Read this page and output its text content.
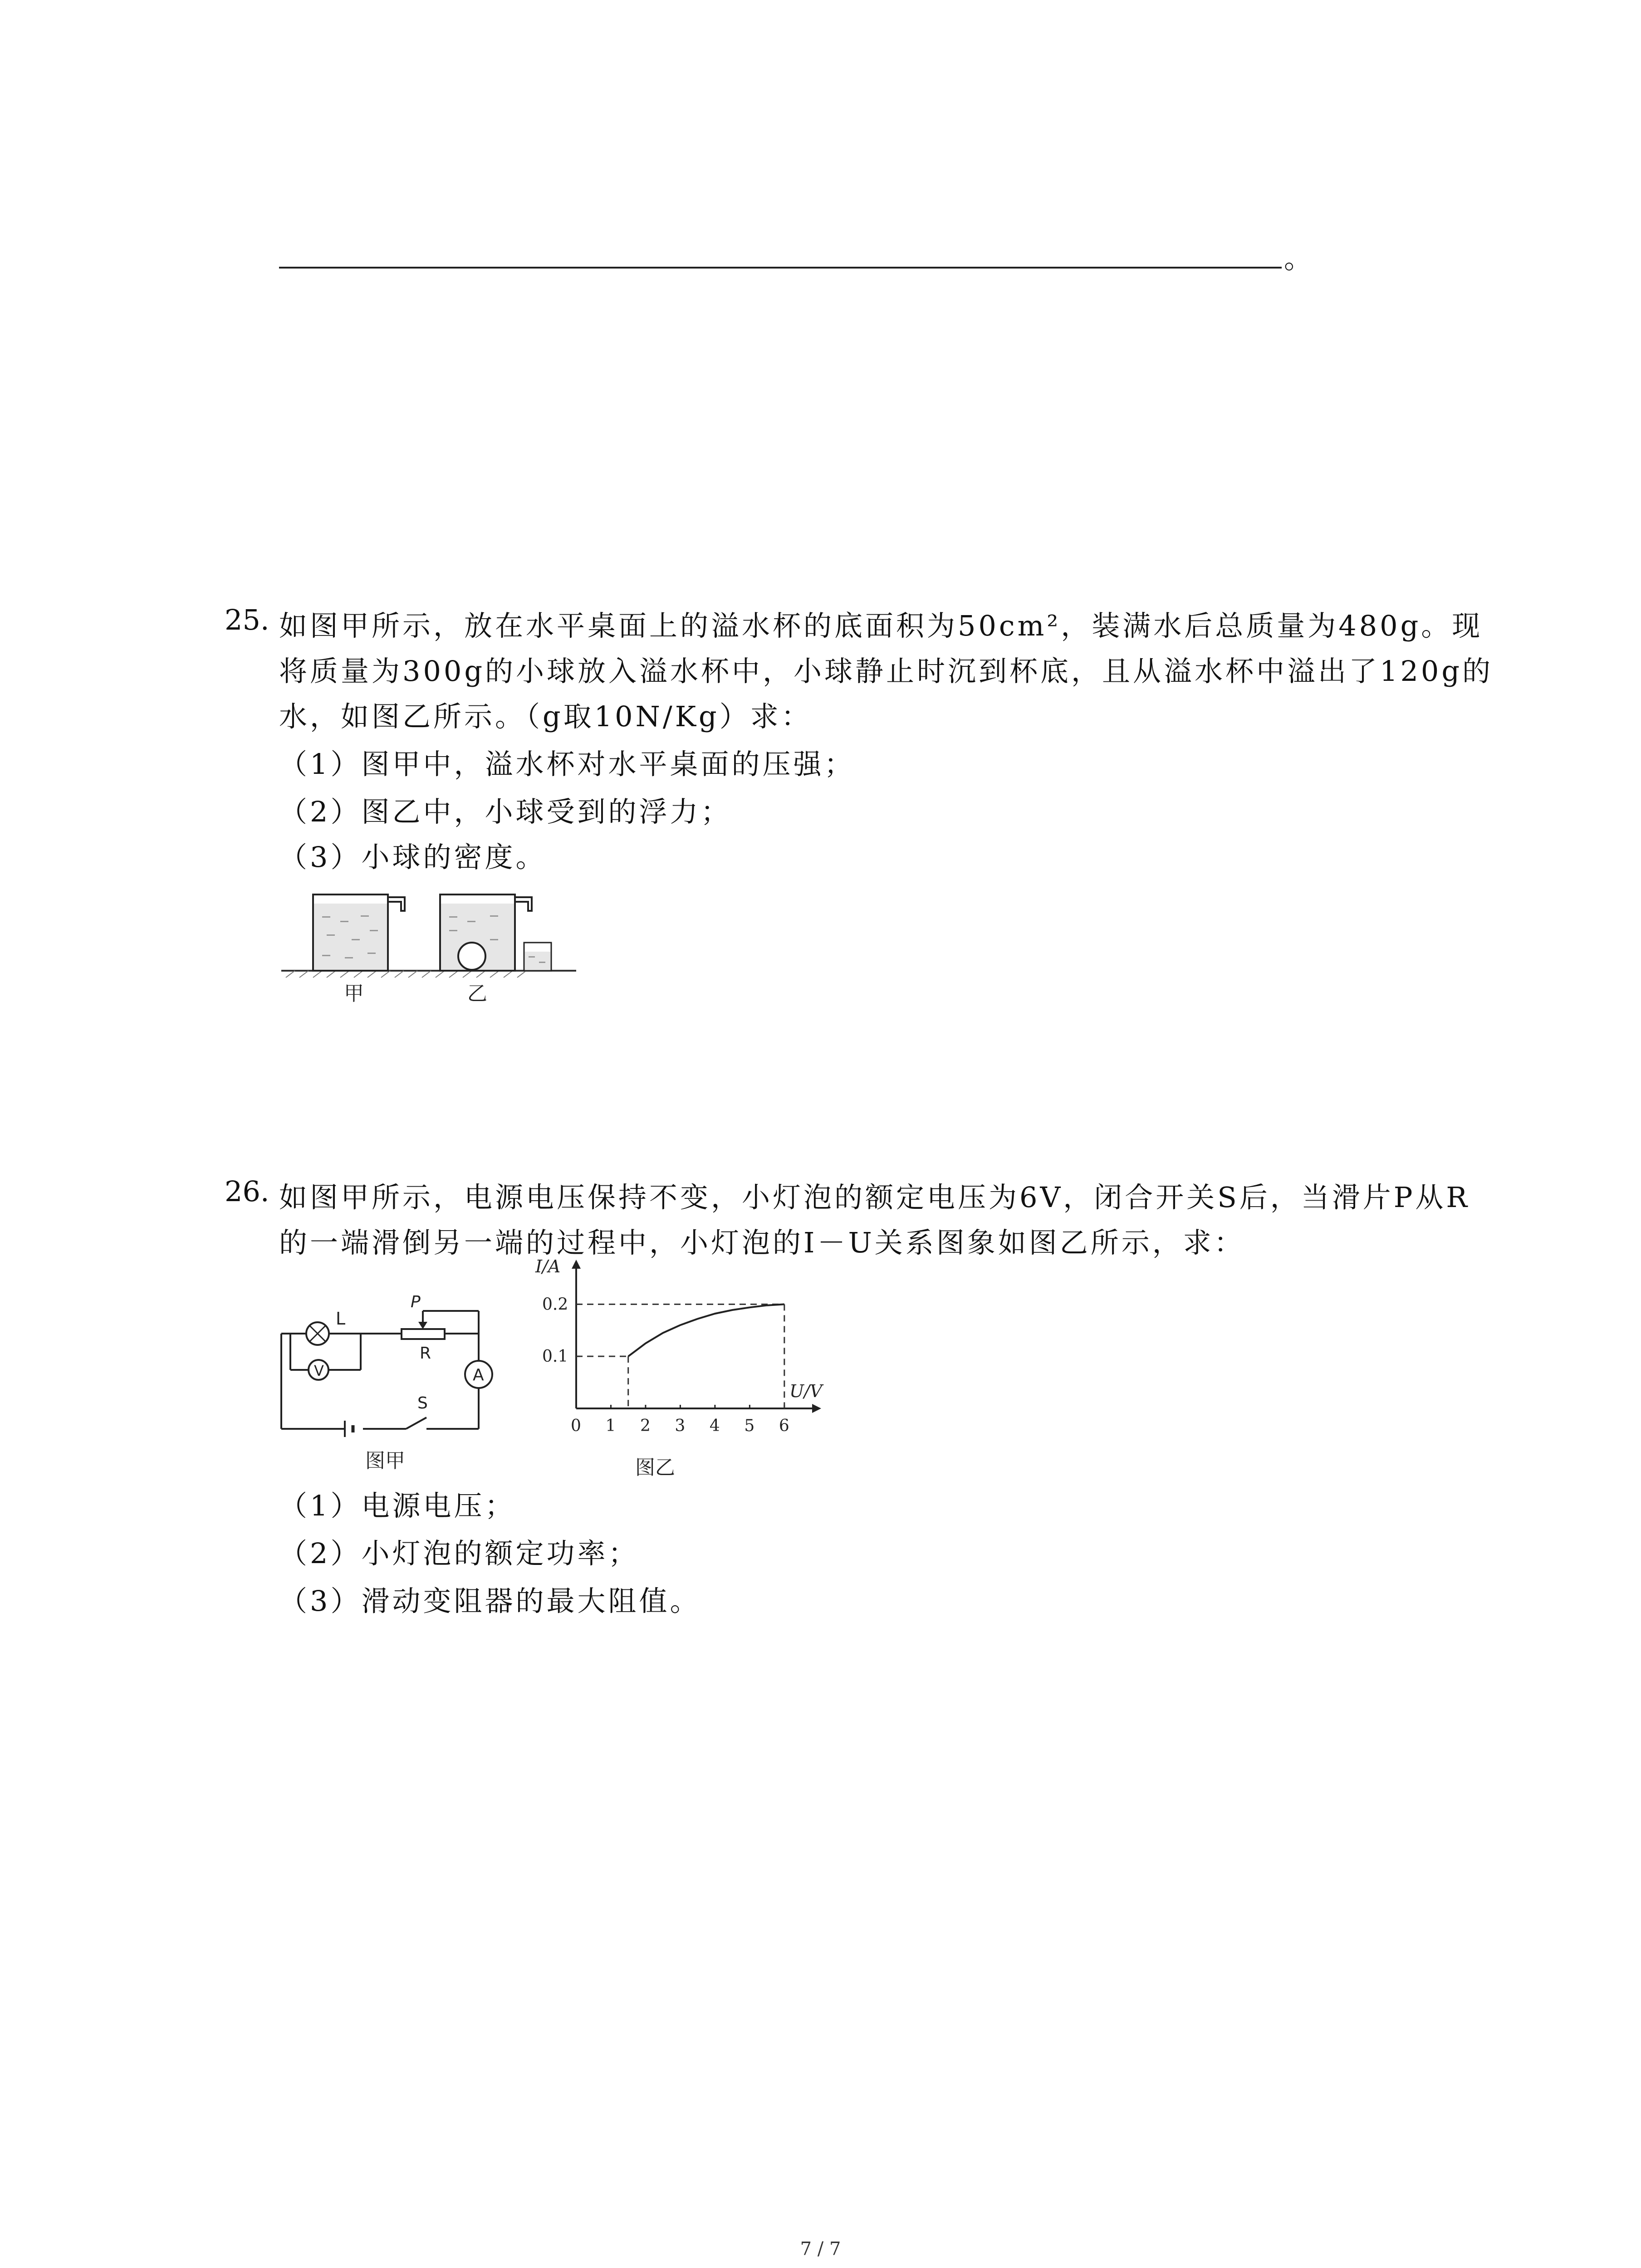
。
25. 如图甲所示，放在水平桌面上的溢水杯的底面积为50cm²，装满水后总质量为480g。现
将质量为300g的小球放入溢水杯中，小球静止时沉到杯底，且从溢水杯中溢出了120g的
水，如图乙所示。（g取10N/Kg）求：
（1）图甲中，溢水杯对水平桌面的压强；
（2）图乙中，小球受到的浮力；
（3）小球的密度。
甲	乙
26. 如图甲所示，电源电压保持不变，小灯泡的额定电压为6V，闭合开关S后，当滑片P从R
的一端滑倒另一端的过程中，小灯泡的I－U关系图象如图乙所示，求：
L
V	A
P
R
S
图甲
0 1 2 3 4 5 6
0.1
0.2
I/A
U/V
图乙
（1）电源电压；
（2）小灯泡的额定功率；
（3）滑动变阻器的最大阻值。
7 / 7
